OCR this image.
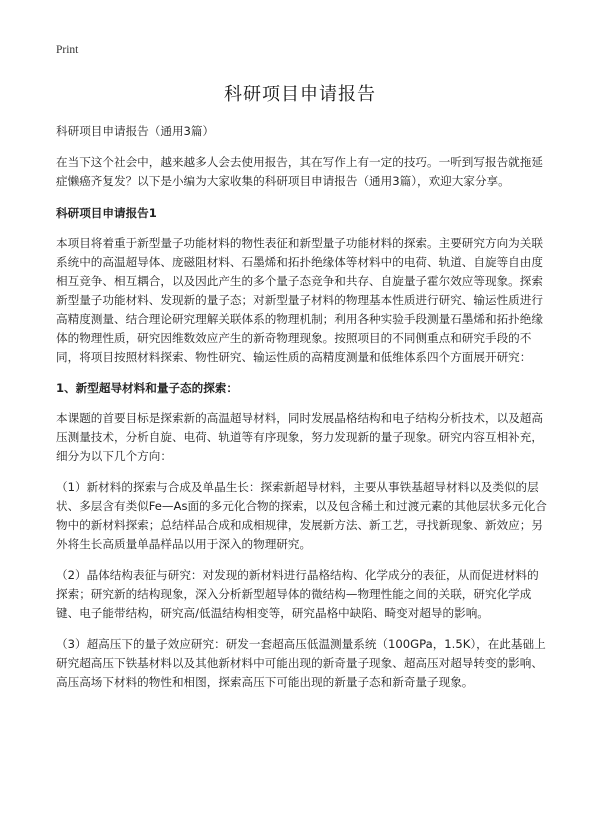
Print
科研项目申请报告

科研项目申请报告（通用3篇）

在当下这个社会中，越来越多人会去使用报告，其在写作上有一定的技巧。一听到写报告就拖延症懒癌齐复发？以下是小编为大家收集的科研项目申请报告（通用3篇），欢迎大家分享。

科研项目申请报告1

本项目将着重于新型量子功能材料的物性表征和新型量子功能材料的探索。主要研究方向为关联系统中的高温超导体、庞磁阻材料、石墨烯和拓扑绝缘体等材料中的电荷、轨道、自旋等自由度相互竞争、相互耦合，以及因此产生的多个量子态竞争和共存、自旋量子霍尔效应等现象。探索新型量子功能材料、发现新的量子态；对新型量子材料的物理基本性质进行研究、输运性质进行高精度测量、结合理论研究理解关联体系的物理机制；利用各种实验手段测量石墨烯和拓扑绝缘体的物理性质，研究因维数效应产生的新奇物理现象。按照项目的不同侧重点和研究手段的不同，将项目按照材料探索、物性研究、输运性质的高精度测量和低维体系四个方面展开研究：

1、新型超导材料和量子态的探索：

本课题的首要目标是探索新的高温超导材料，同时发展晶格结构和电子结构分析技术，以及超高压测量技术，分析自旋、电荷、轨道等有序现象，努力发现新的量子现象。研究内容互相补充，细分为以下几个方向：

（1）新材料的探索与合成及单晶生长：探索新超导材料，主要从事铁基超导材料以及类似的层状、多层含有类似Fe—As面的多元化合物的探索，以及包含稀土和过渡元素的其他层状多元化合物中的新材料探索；总结样品合成和成相规律，发展新方法、新工艺，寻找新现象、新效应；另外将生长高质量单晶样品以用于深入的物理研究。

（2）晶体结构表征与研究：对发现的新材料进行晶格结构、化学成分的表征，从而促进材料的探索；研究新的结构现象，深入分析新型超导体的微结构—物理性能之间的关联，研究化学成键、电子能带结构，研究高/低温结构相变等，研究晶格中缺陷、畸变对超导的影响。

（3）超高压下的量子效应研究：研发一套超高压低温测量系统（100GPa，1.5K），在此基础上研究超高压下铁基材料以及其他新材料中可能出现的新奇量子现象、超高压对超导转变的影响、高压高场下材料的物性和相图，探索高压下可能出现的新量子态和新奇量子现象。
